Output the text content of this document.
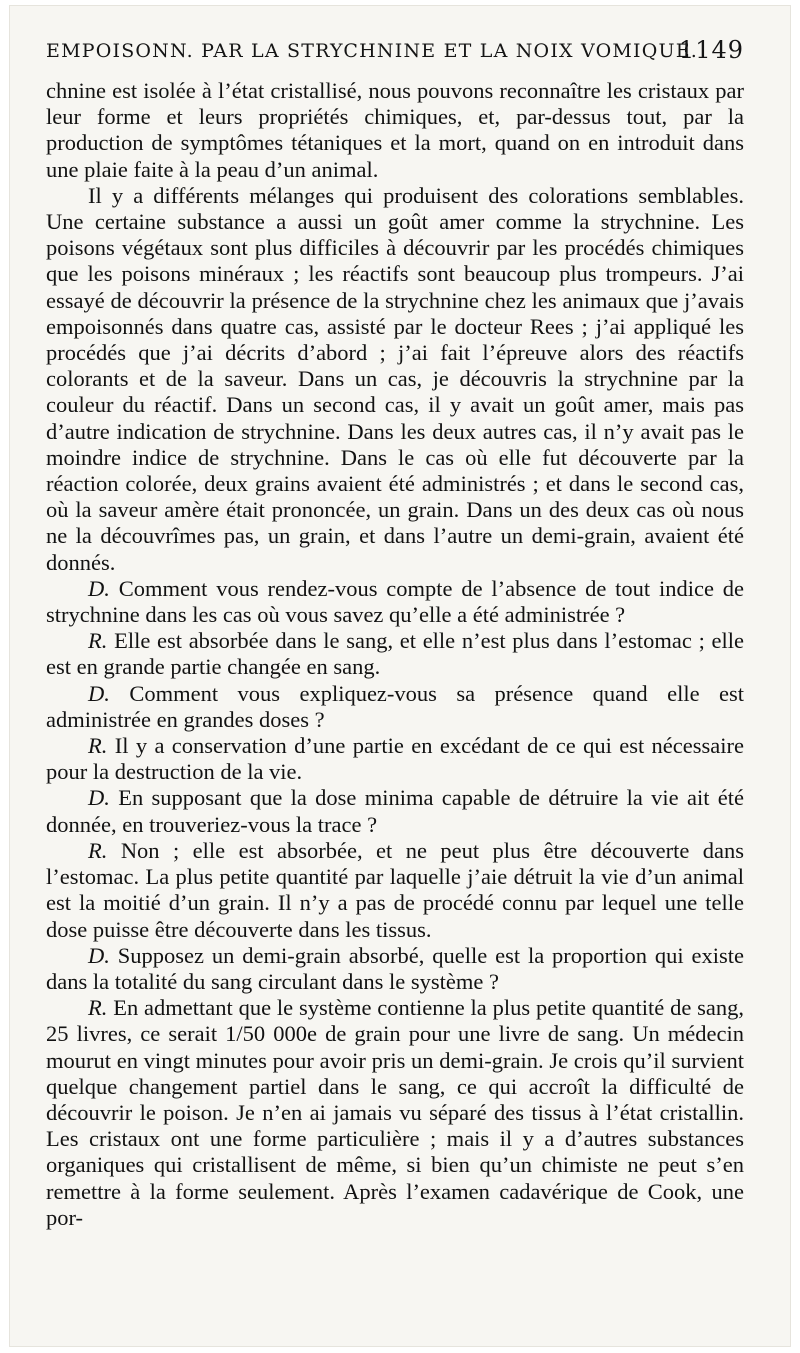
EMPOISONN. PAR LA STRYCHNINE ET LA NOIX VOMIQUE.
1149

chnine est isolée à l’état cristallisé, nous pouvons reconnaître les cristaux par leur forme et leurs propriétés chimiques, et, par-dessus tout, par la production de symptômes tétaniques et la mort, quand on en introduit dans une plaie faite à la peau d’un animal.

Il y a différents mélanges qui produisent des colorations semblables. Une certaine substance a aussi un goût amer comme la strychnine. Les poisons végétaux sont plus difficiles à découvrir par les procédés chimiques que les poisons minéraux ; les réactifs sont beaucoup plus trompeurs. J’ai essayé de découvrir la présence de la strychnine chez les animaux que j’avais empoisonnés dans quatre cas, assisté par le docteur Rees ; j’ai appliqué les procédés que j’ai décrits d’abord ; j’ai fait l’épreuve alors des réactifs colorants et de la saveur. Dans un cas, je découvris la strychnine par la couleur du réactif. Dans un second cas, il y avait un goût amer, mais pas d’autre indication de strychnine. Dans les deux autres cas, il n’y avait pas le moindre indice de strychnine. Dans le cas où elle fut découverte par la réaction colorée, deux grains avaient été administrés ; et dans le second cas, où la saveur amère était prononcée, un grain. Dans un des deux cas où nous ne la découvrîmes pas, un grain, et dans l’autre un demi-grain, avaient été donnés.

D. Comment vous rendez-vous compte de l’absence de tout indice de strychnine dans les cas où vous savez qu’elle a été administrée ?

R. Elle est absorbée dans le sang, et elle n’est plus dans l’estomac ; elle est en grande partie changée en sang.

D. Comment vous expliquez-vous sa présence quand elle est administrée en grandes doses ?

R. Il y a conservation d’une partie en excédant de ce qui est nécessaire pour la destruction de la vie.

D. En supposant que la dose minima capable de détruire la vie ait été donnée, en trouveriez-vous la trace ?

R. Non ; elle est absorbée, et ne peut plus être découverte dans l’estomac. La plus petite quantité par laquelle j’aie détruit la vie d’un animal est la moitié d’un grain. Il n’y a pas de procédé connu par lequel une telle dose puisse être découverte dans les tissus.

D. Supposez un demi-grain absorbé, quelle est la proportion qui existe dans la totalité du sang circulant dans le système ?

R. En admettant que le système contienne la plus petite quantité de sang, 25 livres, ce serait 1/50 000e de grain pour une livre de sang. Un médecin mourut en vingt minutes pour avoir pris un demi-grain. Je crois qu’il survient quelque changement partiel dans le sang, ce qui accroît la difficulté de découvrir le poison. Je n’en ai jamais vu séparé des tissus à l’état cristallin. Les cristaux ont une forme particulière ; mais il y a d’autres substances organiques qui cristallisent de même, si bien qu’un chimiste ne peut s’en remettre à la forme seulement. Après l’examen cadavérique de Cook, une por-
